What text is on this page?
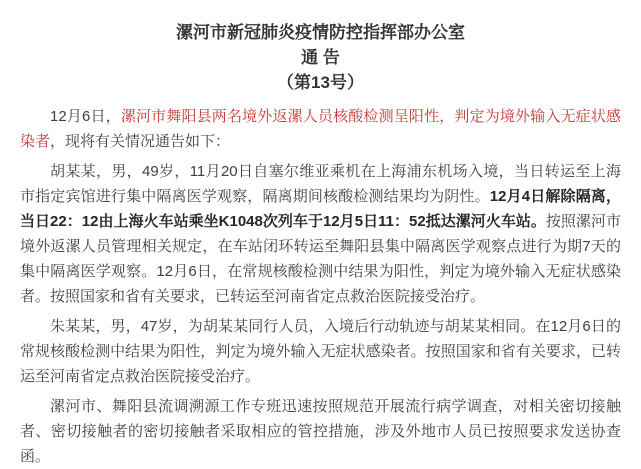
漯河市新冠肺炎疫情防控指挥部办公室
通 告
（第13号）

12月6日，漯河市舞阳县两名境外返漯人员核酸检测呈阳性，判定为境外输入无症状感染者，现将有关情况通告如下：

胡某某，男，49岁，11月20日自塞尔维亚乘机在上海浦东机场入境，当日转运至上海市指定宾馆进行集中隔离医学观察，隔离期间核酸检测结果均为阴性。12月4日解除隔离，当日22：12由上海火车站乘坐K1048次列车于12月5日11：52抵达漯河火车站。按照漯河市境外返漯人员管理相关规定，在车站闭环转运至舞阳县集中隔离医学观察点进行为期7天的集中隔离医学观察。12月6日，在常规核酸检测中结果为阳性，判定为境外输入无症状感染者。按照国家和省有关要求，已转运至河南省定点救治医院接受治疗。

朱某某，男，47岁，为胡某某同行人员，入境后行动轨迹与胡某某相同。在12月6日的常规核酸检测中结果为阳性，判定为境外输入无症状感染者。按照国家和省有关要求，已转运至河南省定点救治医院接受治疗。

漯河市、舞阳县流调溯源工作专班迅速按照规范开展流行病学调查，对相关密切接触者、密切接触者的密切接触者采取相应的管控措施，涉及外地市人员已按照要求发送协查函。
